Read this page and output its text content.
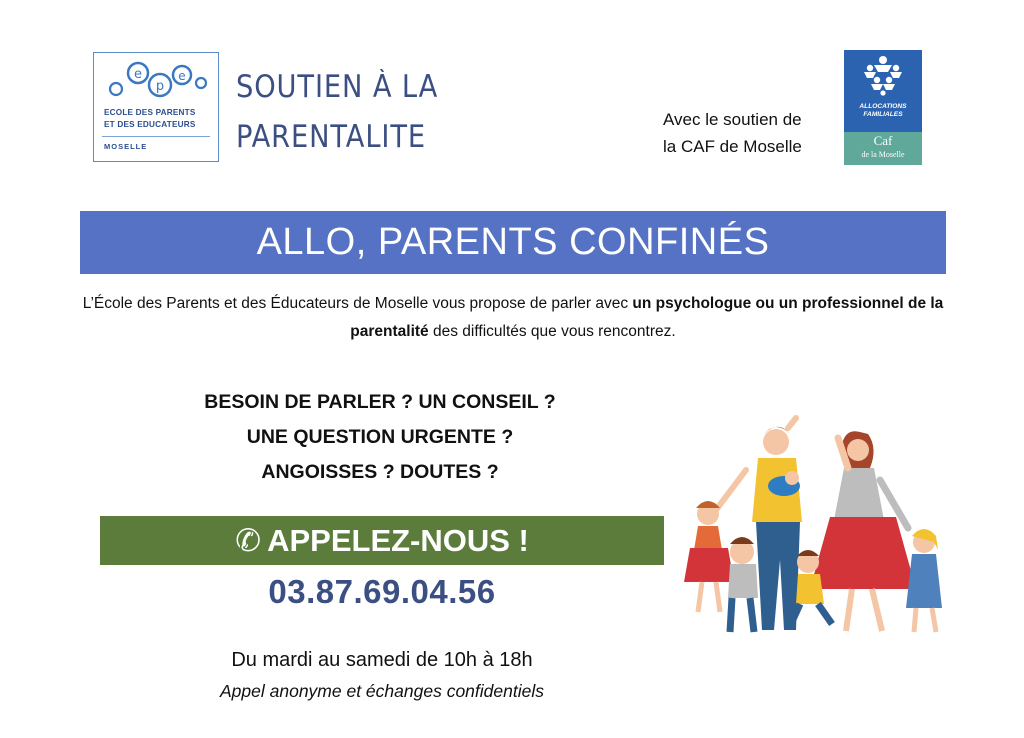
e
p
e
ECOLE DES PARENTS
ET DES EDUCATEURS
MOSELLE
SOUTIEN À LA
PARENTALITE	Avec le soutien de
la CAF de Moselle
ALLOCATIONS
FAMILIALES
Caf
de la Moselle
ALLO, PARENTS CONFINÉS

L’École des Parents et des Éducateurs de Moselle vous propose de parler avec un psychologue ou un professionnel de la parentalité des difficultés que vous rencontrez.

BESOIN DE PARLER ? UN CONSEIL ?
UNE QUESTION URGENTE ?
ANGOISSES ? DOUTES ?
✆ APPELEZ-NOUS !
03.87.69.04.56
Du mardi au samedi de 10h à 18h
Appel anonyme et échanges confidentiels
